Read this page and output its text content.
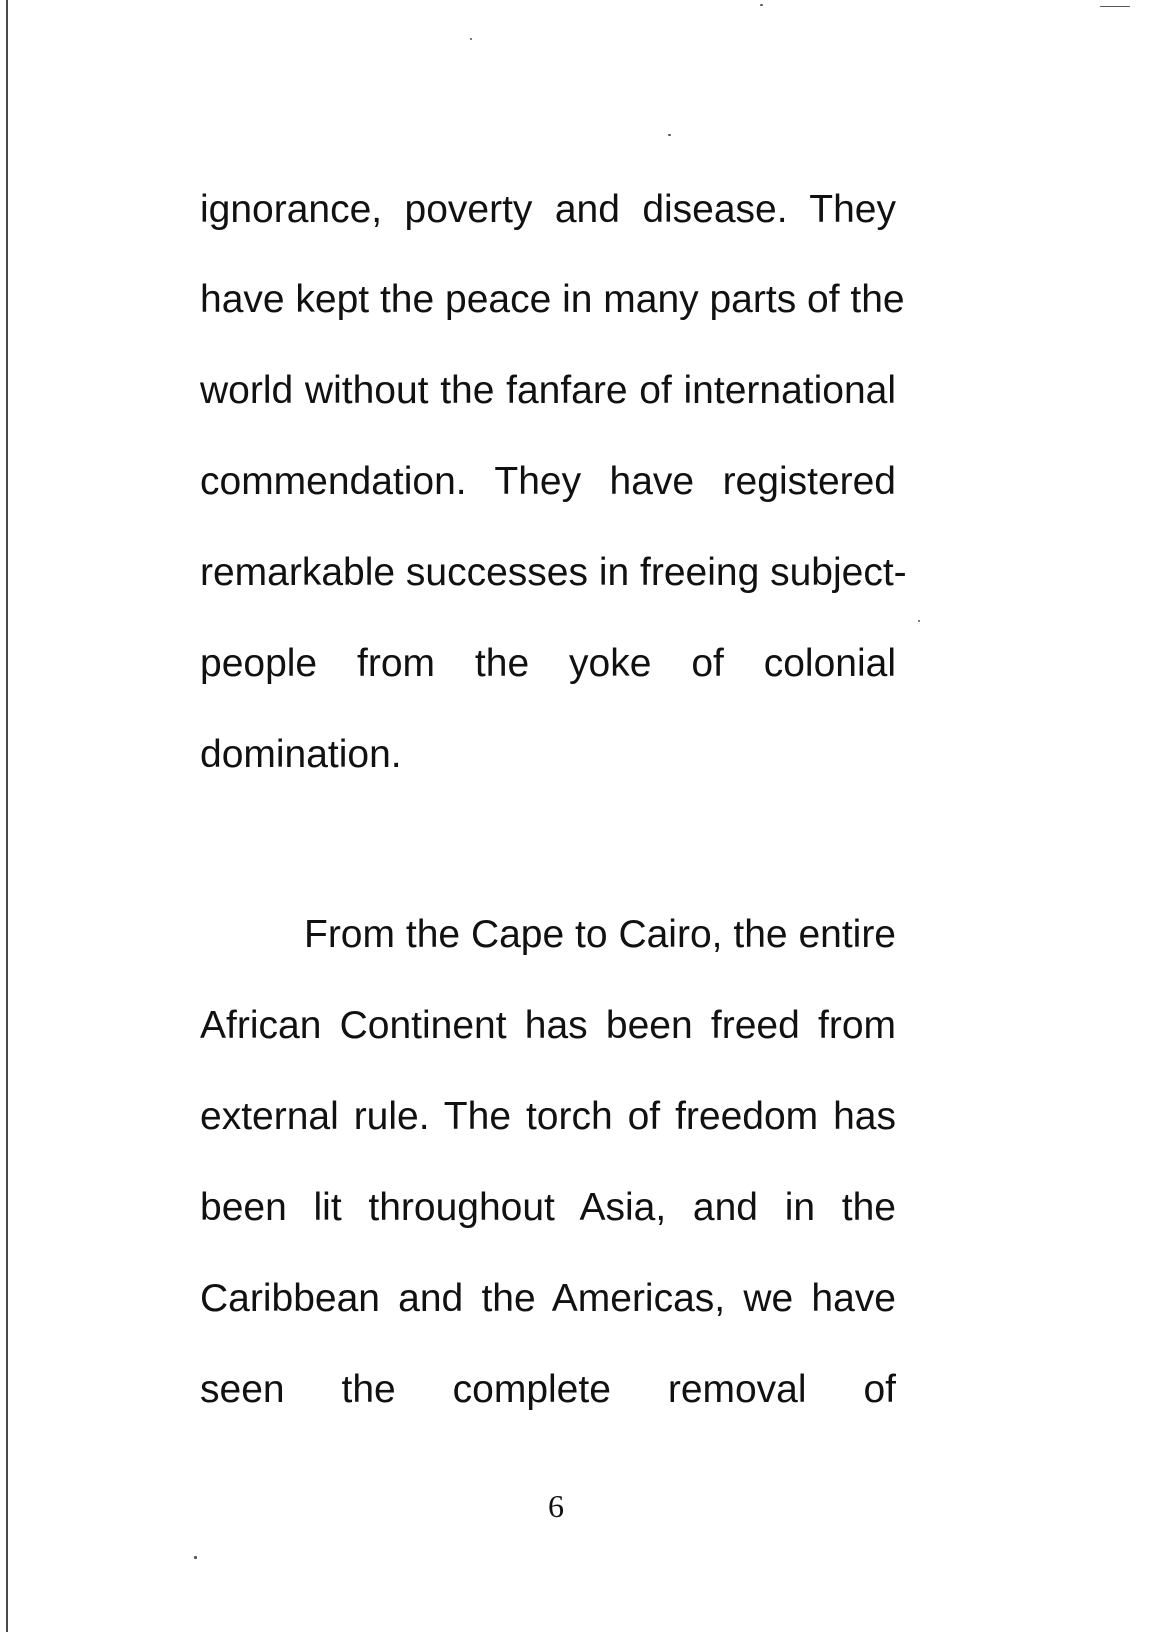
ignorance, poverty and disease. They

have kept the peace in many parts of the

world without the fanfare of international

commendation. They have registered

remarkable successes in freeing subject-

people from the yoke of colonial

domination.

From the Cape to Cairo, the entire

African Continent has been freed from

external rule. The torch of freedom has

been lit throughout Asia, and in the

Caribbean and the Americas, we have

seen the complete removal of

6
